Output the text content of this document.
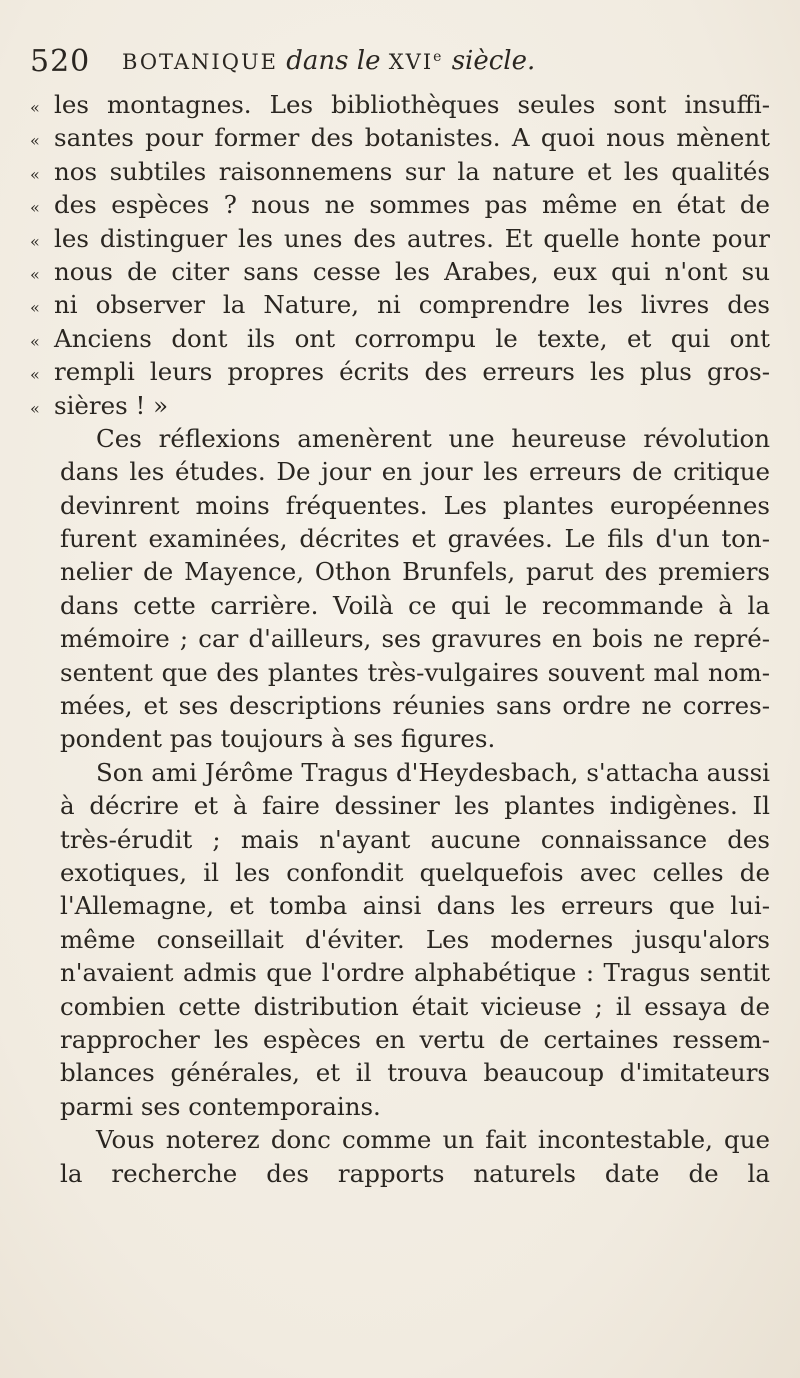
520 BOTANIQUE dans le XVIe siècle.
« les montagnes. Les bibliothèques seules sont insuffi-
« santes pour former des botanistes. A quoi nous mènent
« nos subtiles raisonnemens sur la nature et les qualités
« des espèces ? nous ne sommes pas même en état de
« les distinguer les unes des autres. Et quelle honte pour
« nous de citer sans cesse les Arabes, eux qui n'ont su
« ni observer la Nature, ni comprendre les livres des
« Anciens dont ils ont corrompu le texte, et qui ont
« rempli leurs propres écrits des erreurs les plus gros-
« sières ! »
Ces réflexions amenèrent une heureuse révolution
dans les études. De jour en jour les erreurs de critique
devinrent moins fréquentes. Les plantes européennes
furent examinées, décrites et gravées. Le fils d'un ton-
nelier de Mayence, Othon Brunfels, parut des premiers
dans cette carrière. Voilà ce qui le recommande à la
mémoire ; car d'ailleurs, ses gravures en bois ne repré-
sentent que des plantes très-vulgaires souvent mal nom-
mées, et ses descriptions réunies sans ordre ne corres-
pondent pas toujours à ses figures.
Son ami Jérôme Tragus d'Heydesbach, s'attacha aussi
à décrire et à faire dessiner les plantes indigènes. Il
très-érudit ; mais n'ayant aucune connaissance des
exotiques, il les confondit quelquefois avec celles de
l'Allemagne, et tomba ainsi dans les erreurs que lui-
même conseillait d'éviter. Les modernes jusqu'alors
n'avaient admis que l'ordre alphabétique : Tragus sentit
combien cette distribution était vicieuse ; il essaya de
rapprocher les espèces en vertu de certaines ressem-
blances générales, et il trouva beaucoup d'imitateurs
parmi ses contemporains.
Vous noterez donc comme un fait incontestable, que
la recherche des rapports naturels date de la
